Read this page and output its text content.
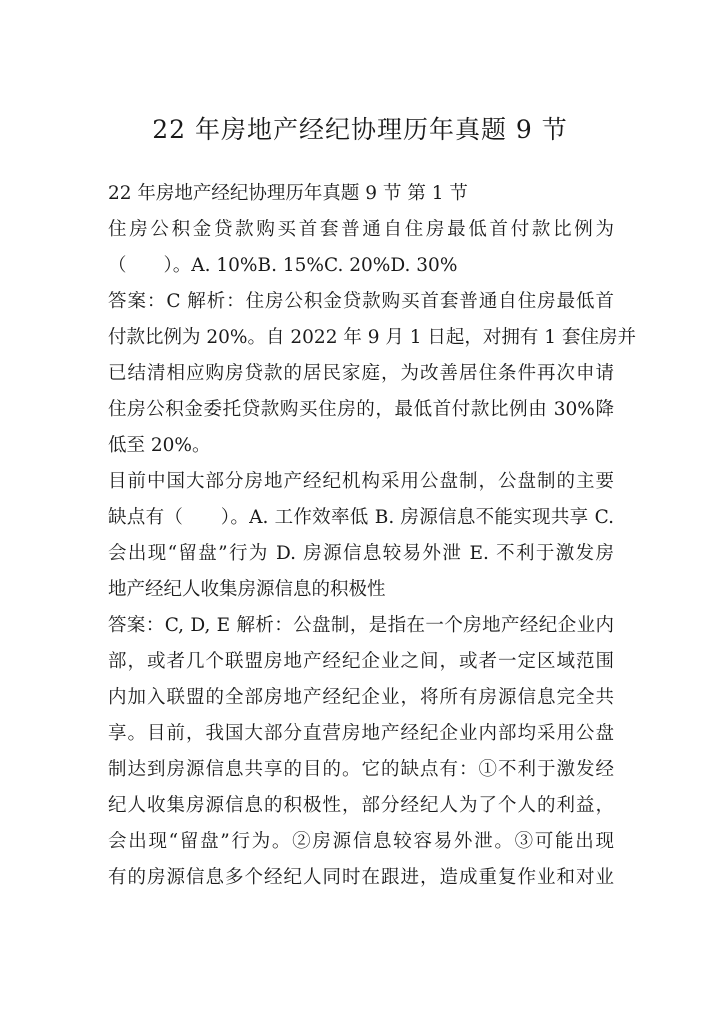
22 年房地产经纪协理历年真题 9 节
22 年房地产经纪协理历年真题 9 节 第 1 节
住房公积金贷款购买首套普通自住房最低首付款比例为
（　　）。A. 10%B. 15%C. 20%D. 30%
答案：C 解析：住房公积金贷款购买首套普通自住房最低首
付款比例为 20%。自 2022 年 9 月 1 日起，对拥有 1 套住房并
已结清相应购房贷款的居民家庭，为改善居住条件再次申请
住房公积金委托贷款购买住房的，最低首付款比例由 30%降
低至 20%。
目前中国大部分房地产经纪机构采用公盘制，公盘制的主要
缺点有（　　）。A. 工作效率低 B. 房源信息不能实现共享 C.
会出现“留盘”行为 D. 房源信息较易外泄 E. 不利于激发房
地产经纪人收集房源信息的积极性
答案：C, D, E 解析：公盘制，是指在一个房地产经纪企业内
部，或者几个联盟房地产经纪企业之间，或者一定区域范围
内加入联盟的全部房地产经纪企业，将所有房源信息完全共
享。目前，我国大部分直营房地产经纪企业内部均采用公盘
制达到房源信息共享的目的。它的缺点有：①不利于激发经
纪人收集房源信息的积极性，部分经纪人为了个人的利益，
会出现“留盘”行为。②房源信息较容易外泄。③可能出现
有的房源信息多个经纪人同时在跟进，造成重复作业和对业
